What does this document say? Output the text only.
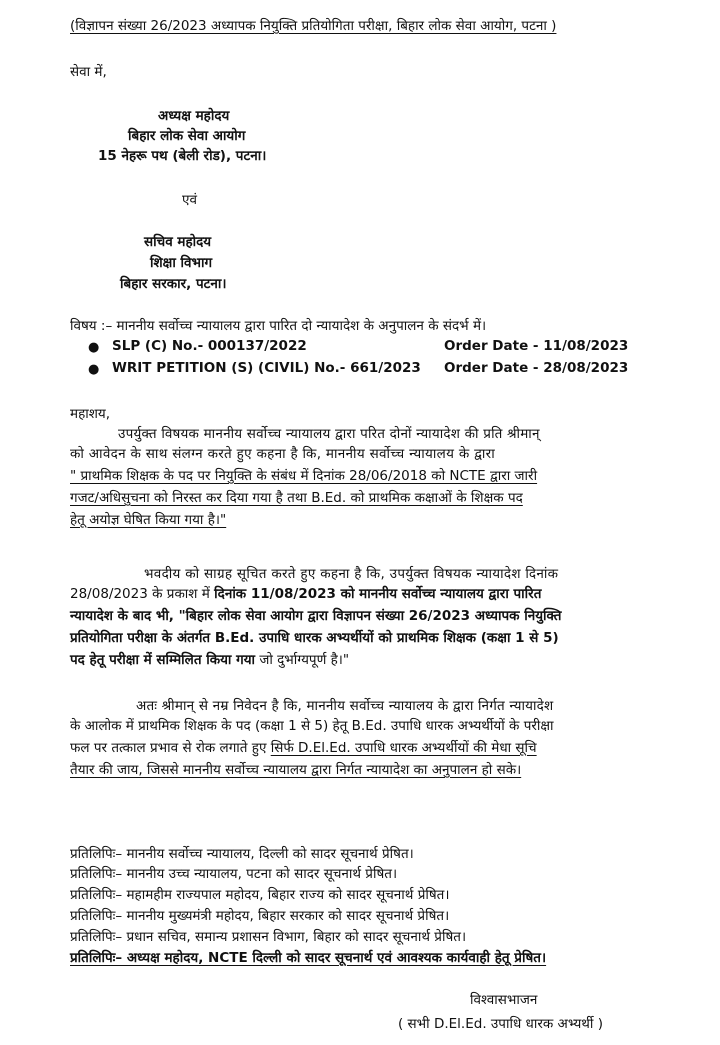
(विज्ञापन संख्या 26/2023 अध्यापक नियुक्ति प्रतियोगिता परीक्षा, बिहार लोक सेवा आयोग, पटना )
सेवा में,
अध्यक्ष महोदय
बिहार लोक सेवा आयोग
15 नेहरू पथ (बेली रोड), पटना।
एवं
सचिव महोदय
शिक्षा विभाग
बिहार सरकार, पटना।
विषय :– माननीय सर्वोच्च न्यायालय द्वारा पारित दो न्यायादेश के अनुपालन के संदर्भ में।
● SLP (C) No.- 000137/2022	Order Date - 11/08/2023
● WRIT PETITION (S) (CIVIL) No.- 661/2023 Order Date - 28/08/2023
महाशय,
उपर्युक्त विषयक माननीय सर्वोच्च न्यायालय द्वारा परित दोनों न्यायादेश की प्रति श्रीमान्
को आवेदन के साथ संलग्न करते हुए कहना है कि, माननीय सर्वोच्च न्यायालय के द्वारा
" प्राथमिक शिक्षक के पद पर नियुक्ति के संबंध में दिनांक 28/06/2018 को NCTE द्वारा जारी
गजट/अधिसुचना को निरस्त कर दिया गया है तथा B.Ed. को प्राथमिक कक्षाओं के शिक्षक पद
हेतू अयोज्ञ घेषित किया गया है।"
भवदीय को साग्रह सूचित करते हुए कहना है कि, उपर्युक्त विषयक न्यायादेश दिनांक
28/08/2023 के प्रकाश में दिनांक 11/08/2023 को माननीय सर्वोच्च न्यायालय द्वारा पारित
न्यायादेश के बाद भी, "बिहार लोक सेवा आयोग द्वारा विज्ञापन संख्या 26/2023 अध्यापक नियुक्ति
प्रतियोगिता परीक्षा के अंतर्गत B.Ed. उपाधि धारक अभ्यर्थीयों को प्राथमिक शिक्षक (कक्षा 1 से 5)
पद हेतू परीक्षा में सम्मिलित किया गया जो दुर्भाग्यपूर्ण है।"
अतः श्रीमान् से नम्र निवेदन है कि, माननीय सर्वोच्च न्यायालय के द्वारा निर्गत न्यायादेश
के आलोक में प्राथमिक शिक्षक के पद (कक्षा 1 से 5) हेतू B.Ed. उपाधि धारक अभ्यर्थीयों के परीक्षा
फल पर तत्काल प्रभाव से रोक लगाते हुए सिर्फ D.El.Ed. उपाधि धारक अभ्यर्थीयों की मेधा सूचि
तैयार की जाय, जिससे माननीय सर्वोच्च न्यायालय द्वारा निर्गत न्यायादेश का अनुपालन हो सके।
प्रतिलिपिः– माननीय सर्वोच्च न्यायालय, दिल्ली को सादर सूचनार्थ प्रेषित।
प्रतिलिपिः– माननीय उच्च न्यायालय, पटना को सादर सूचनार्थ प्रेषित।
प्रतिलिपिः– महामहीम राज्यपाल महोदय, बिहार राज्य को सादर सूचनार्थ प्रेषित।
प्रतिलिपिः– माननीय मुख्यमंत्री महोदय, बिहार सरकार को सादर सूचनार्थ प्रेषित।
प्रतिलिपिः– प्रधान सचिव, समान्य प्रशासन विभाग, बिहार को सादर सूचनार्थ प्रेषित।
प्रतिलिपिः– अध्यक्ष महोदय, NCTE दिल्ली को सादर सूचनार्थ एवं आवश्यक कार्यवाही हेतू प्रेषित।
विश्वासभाजन
( सभी D.El.Ed. उपाधि धारक अभ्यर्थी )
